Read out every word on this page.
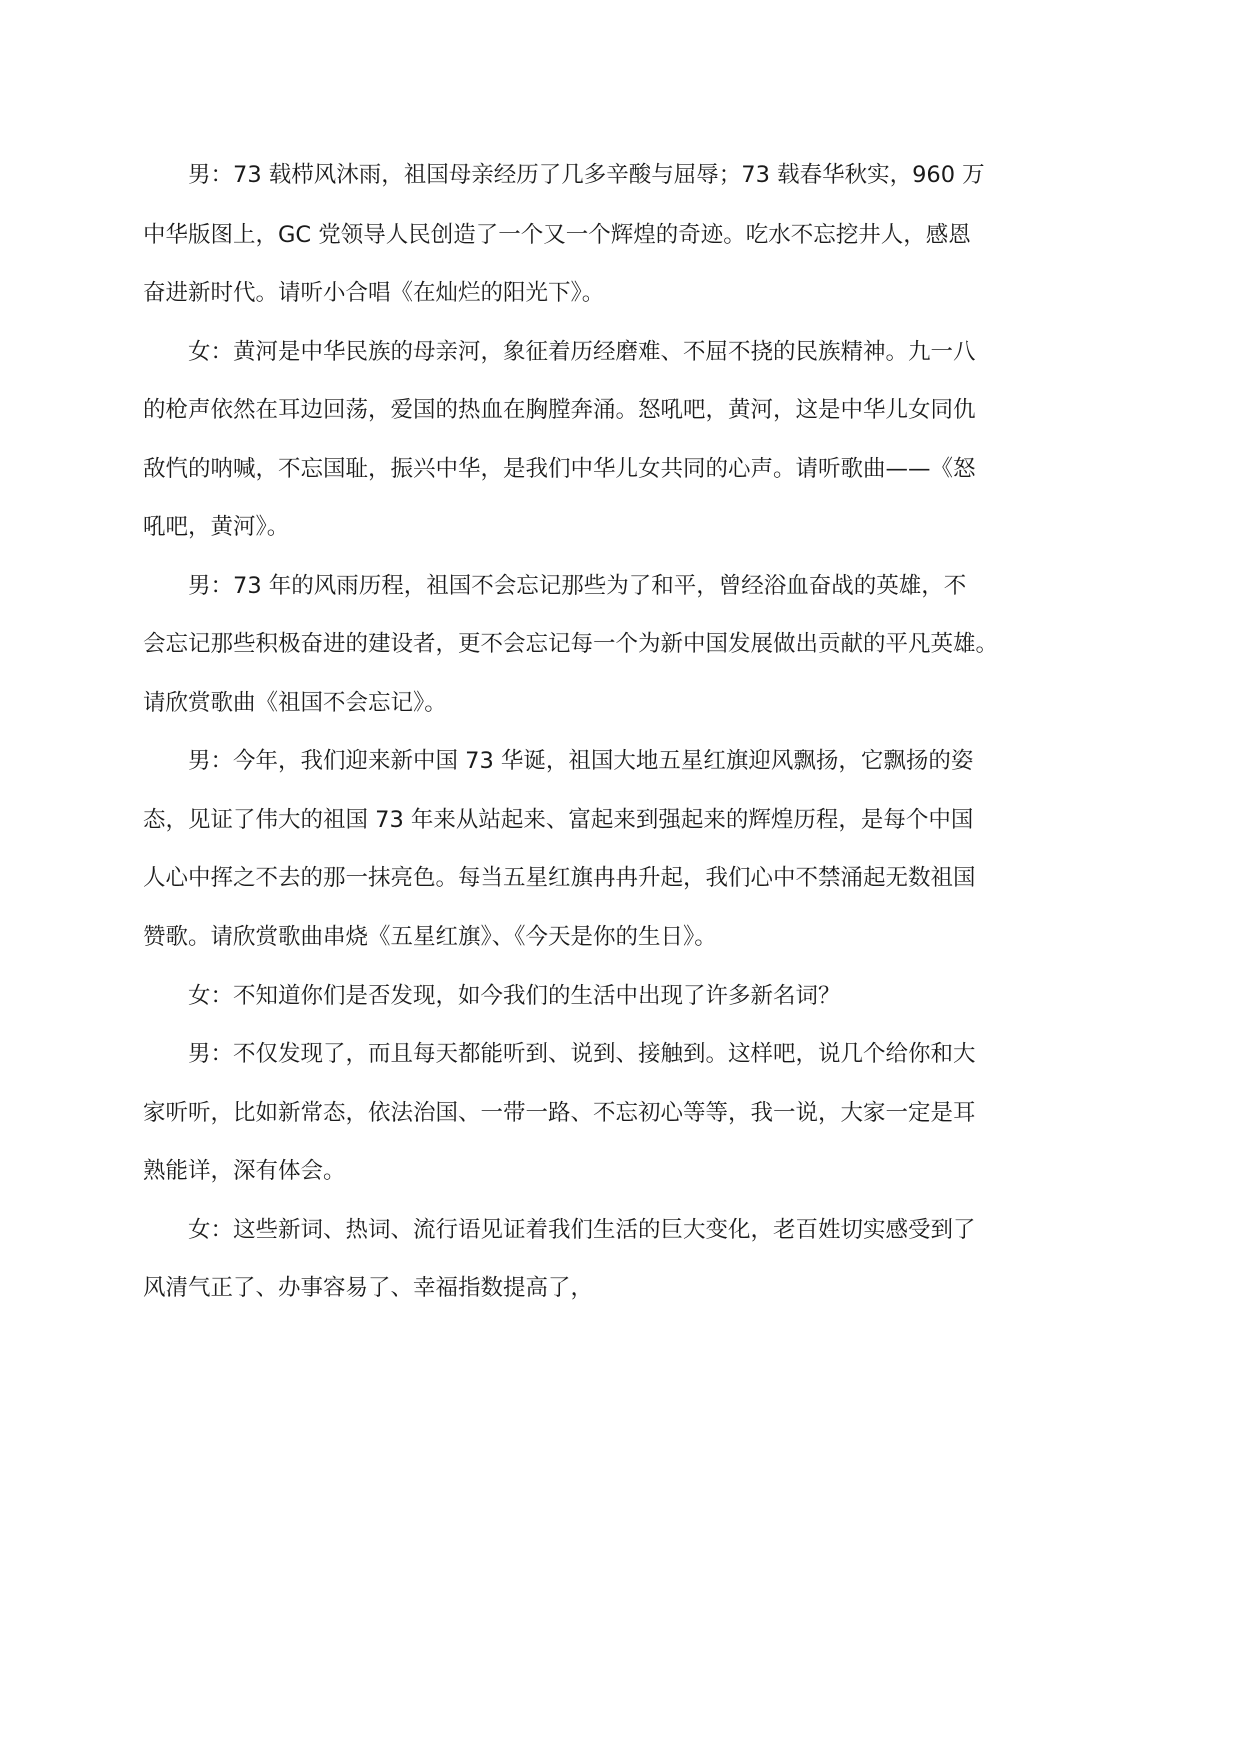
男：73 载栉风沐雨，祖国母亲经历了几多辛酸与屈辱；73 载春华秋实，960 万
中华版图上，GC 党领导人民创造了一个又一个辉煌的奇迹。吃水不忘挖井人，感恩
奋进新时代。请听小合唱《在灿烂的阳光下》。
女：黄河是中华民族的母亲河，象征着历经磨难、不屈不挠的民族精神。九一八
的枪声依然在耳边回荡，爱国的热血在胸膛奔涌。怒吼吧，黄河，这是中华儿女同仇
敌忾的呐喊，不忘国耻，振兴中华，是我们中华儿女共同的心声。请听歌曲——《怒
吼吧，黄河》。
男：73 年的风雨历程，祖国不会忘记那些为了和平，曾经浴血奋战的英雄，不
会忘记那些积极奋进的建设者，更不会忘记每一个为新中国发展做出贡献的平凡英雄。
请欣赏歌曲《祖国不会忘记》。
男：今年，我们迎来新中国 73 华诞，祖国大地五星红旗迎风飘扬，它飘扬的姿
态，见证了伟大的祖国 73 年来从站起来、富起来到强起来的辉煌历程，是每个中国
人心中挥之不去的那一抹亮色。每当五星红旗冉冉升起，我们心中不禁涌起无数祖国
赞歌。请欣赏歌曲串烧《五星红旗》、《今天是你的生日》。
女：不知道你们是否发现，如今我们的生活中出现了许多新名词？
男：不仅发现了，而且每天都能听到、说到、接触到。这样吧，说几个给你和大
家听听，比如新常态，依法治国、一带一路、不忘初心等等，我一说，大家一定是耳
熟能详，深有体会。
女：这些新词、热词、流行语见证着我们生活的巨大变化，老百姓切实感受到了
风清气正了、办事容易了、幸福指数提高了，
